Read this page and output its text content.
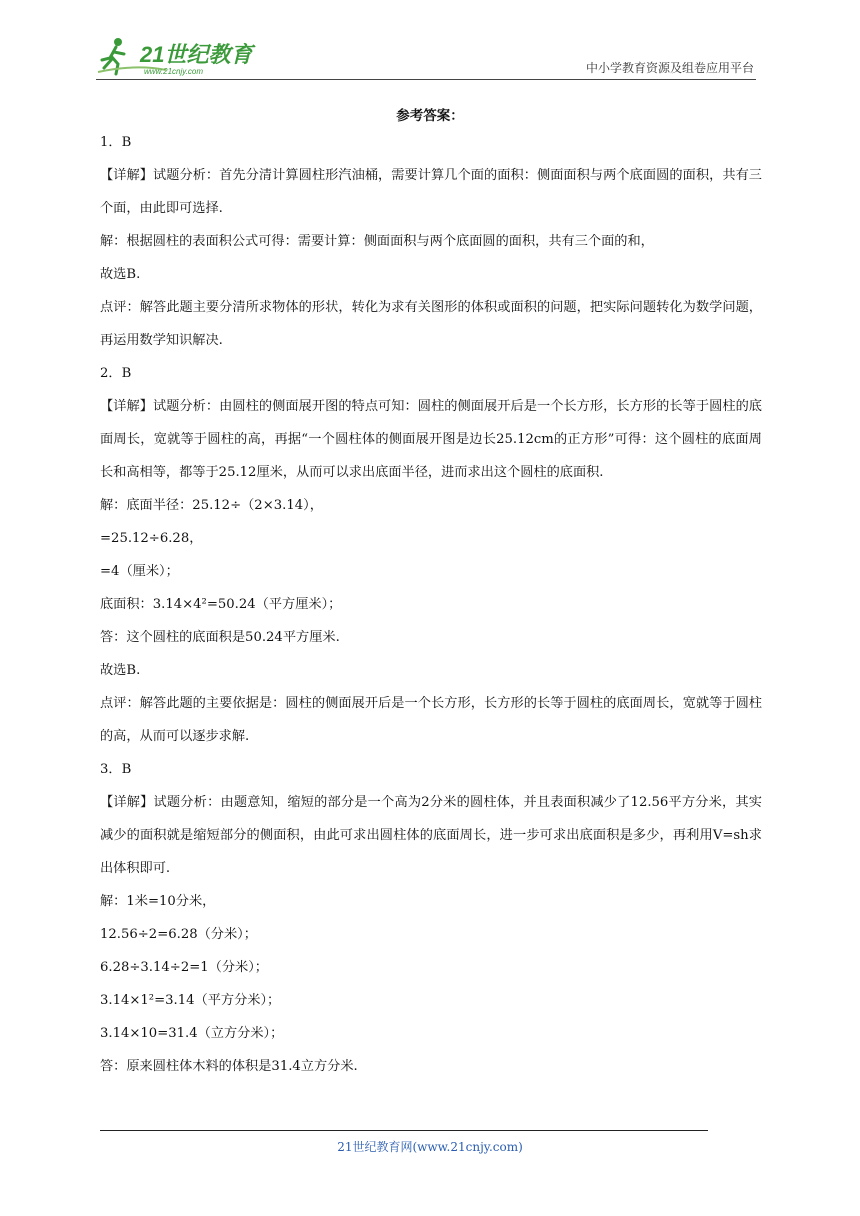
21世纪教育
www.21cnjy.com	中小学教育资源及组卷应用平台
参考答案：

1．B

【详解】试题分析：首先分清计算圆柱形汽油桶，需要计算几个面的面积：侧面面积与两个底面圆的面积，共有三个面，由此即可选择.

解：根据圆柱的表面积公式可得：需要计算：侧面面积与两个底面圆的面积，共有三个面的和，

故选B.

点评：解答此题主要分清所求物体的形状，转化为求有关图形的体积或面积的问题，把实际问题转化为数学问题，再运用数学知识解决.

2．B

【详解】试题分析：由圆柱的侧面展开图的特点可知：圆柱的侧面展开后是一个长方形，长方形的长等于圆柱的底面周长，宽就等于圆柱的高，再据“一个圆柱体的侧面展开图是边长25.12cm的正方形”可得：这个圆柱的底面周长和高相等，都等于25.12厘米，从而可以求出底面半径，进而求出这个圆柱的底面积.

解：底面半径：25.12÷（2×3.14），

=25.12÷6.28，

=4（厘米）；

底面积：3.14×4²=50.24（平方厘米）；

答：这个圆柱的底面积是50.24平方厘米.

故选B.

点评：解答此题的主要依据是：圆柱的侧面展开后是一个长方形，长方形的长等于圆柱的底面周长，宽就等于圆柱的高，从而可以逐步求解.

3．B

【详解】试题分析：由题意知，缩短的部分是一个高为2分米的圆柱体，并且表面积减少了12.56平方分米，其实减少的面积就是缩短部分的侧面积，由此可求出圆柱体的底面周长，进一步可求出底面积是多少，再利用V=sh求出体积即可.

解：1米=10分米，

12.56÷2=6.28（分米）；

6.28÷3.14÷2=1（分米）；

3.14×1²=3.14（平方分米）；

3.14×10=31.4（立方分米）；

答：原来圆柱体木料的体积是31.4立方分米.

21世纪教育网(www.21cnjy.com)
